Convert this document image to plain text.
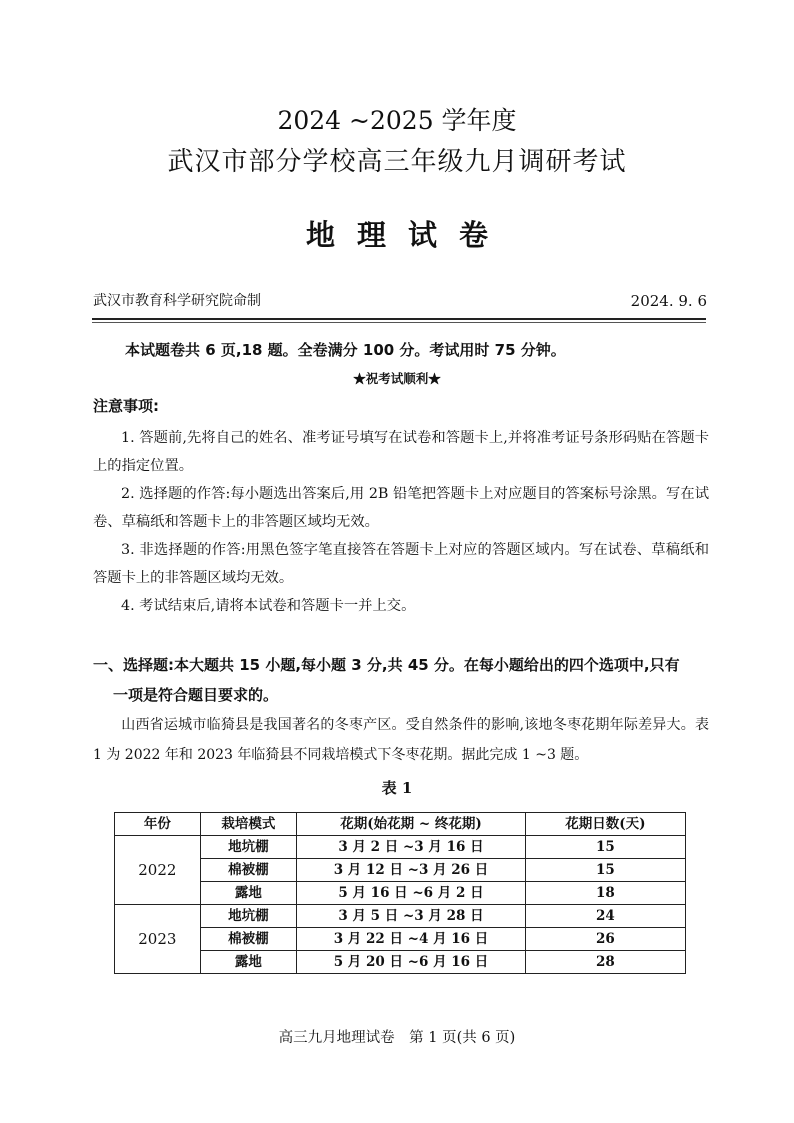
2024 ~2025 学年度
武汉市部分学校高三年级九月调研考试
地理试卷
武汉市教育科学研究院命制	2024. 9. 6
本试题卷共 6 页,18 题。全卷满分 100 分。考试用时 75 分钟。
★祝考试顺利★
注意事项:
1. 答题前,先将自己的姓名、准考证号填写在试卷和答题卡上,并将准考证号条形码贴在答题卡上的指定位置。
2. 选择题的作答:每小题选出答案后,用 2B 铅笔把答题卡上对应题目的答案标号涂黑。写在试卷、草稿纸和答题卡上的非答题区域均无效。
3. 非选择题的作答:用黑色签字笔直接答在答题卡上对应的答题区域内。写在试卷、草稿纸和答题卡上的非答题区域均无效。
4. 考试结束后,请将本试卷和答题卡一并上交。
一、选择题:本大题共 15 小题,每小题 3 分,共 45 分。在每小题给出的四个选项中,只有
一项是符合题目要求的。
山西省运城市临猗县是我国著名的冬枣产区。受自然条件的影响,该地冬枣花期年际差异大。表 1 为 2022 年和 2023 年临猗县不同栽培模式下冬枣花期。据此完成 1 ~3 题。
表 1
年份	栽培模式	花期(始花期 ~ 终花期)	花期日数(天)
2022	地坑棚	3 月 2 日 ~3 月 16 日	15
	棉被棚	3 月 12 日 ~3 月 26 日	15
	露地	5 月 16 日 ~6 月 2 日	18
2023	地坑棚	3 月 5 日 ~3 月 28 日	24
	棉被棚	3 月 22 日 ~4 月 16 日	26
	露地	5 月 20 日 ~6 月 16 日	28
高三九月地理试卷　第 1 页(共 6 页)
